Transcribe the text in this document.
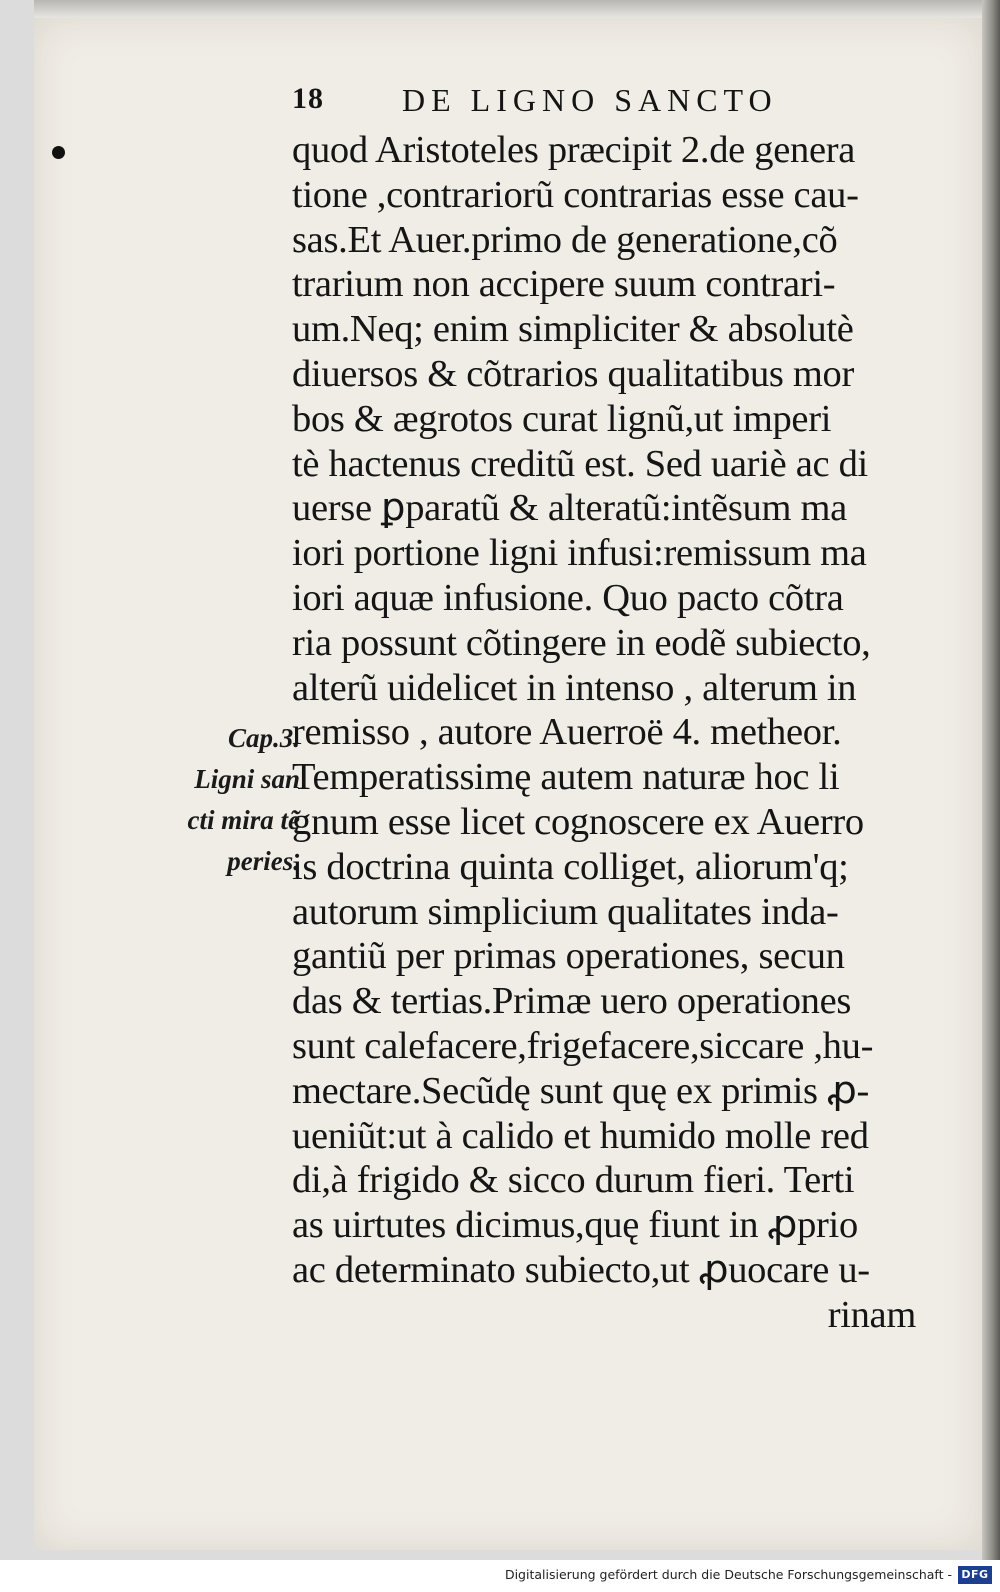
18 DE LIGNO SANCTO
Cap.3.
Ligni san
cti mira tẽ
peries.
quod Aristoteles præcipit 2.de genera
tione ,contrariorũ contrarias esse cau-
sas.Et Auer.primo de generatione,cõ
trarium non accipere suum contrari-
um.Neq; enim simpliciter & absolutè
diuersos & cõtrarios qualitatibus mor
bos & ægrotos curat lignũ,ut imperi
tè hactenus creditũ est. Sed uariè ac di
uerse ꝑparatũ & alteratũ:intẽsum ma
iori portione ligni infusi:remissum ma
iori aquæ infusione. Quo pacto cõtra
ria possunt cõtingere in eodẽ subiecto,
alterũ uidelicet in intenso , alterum in
remisso , autore Auerroë 4. metheor.
Temperatissimę autem naturæ hoc li
gnum esse licet cognoscere ex Auerro
is doctrina quinta colliget, aliorum'q;
autorum simplicium qualitates inda-
gantiũ per primas operationes, secun
das & tertias.Primæ uero operationes
sunt calefacere,frigefacere,siccare ,hu-
mectare.Secũdę sunt quę ex primis ꝓ-
ueniũt:ut à calido et humido molle red
di,à frigido & sicco durum fieri. Terti
as uirtutes dicimus,quę fiunt in ꝓprio
ac determinato subiecto,ut ꝓuocare u-
rinam
Digitalisierung gefördert durch die Deutsche Forschungsgemeinschaft - DFG
